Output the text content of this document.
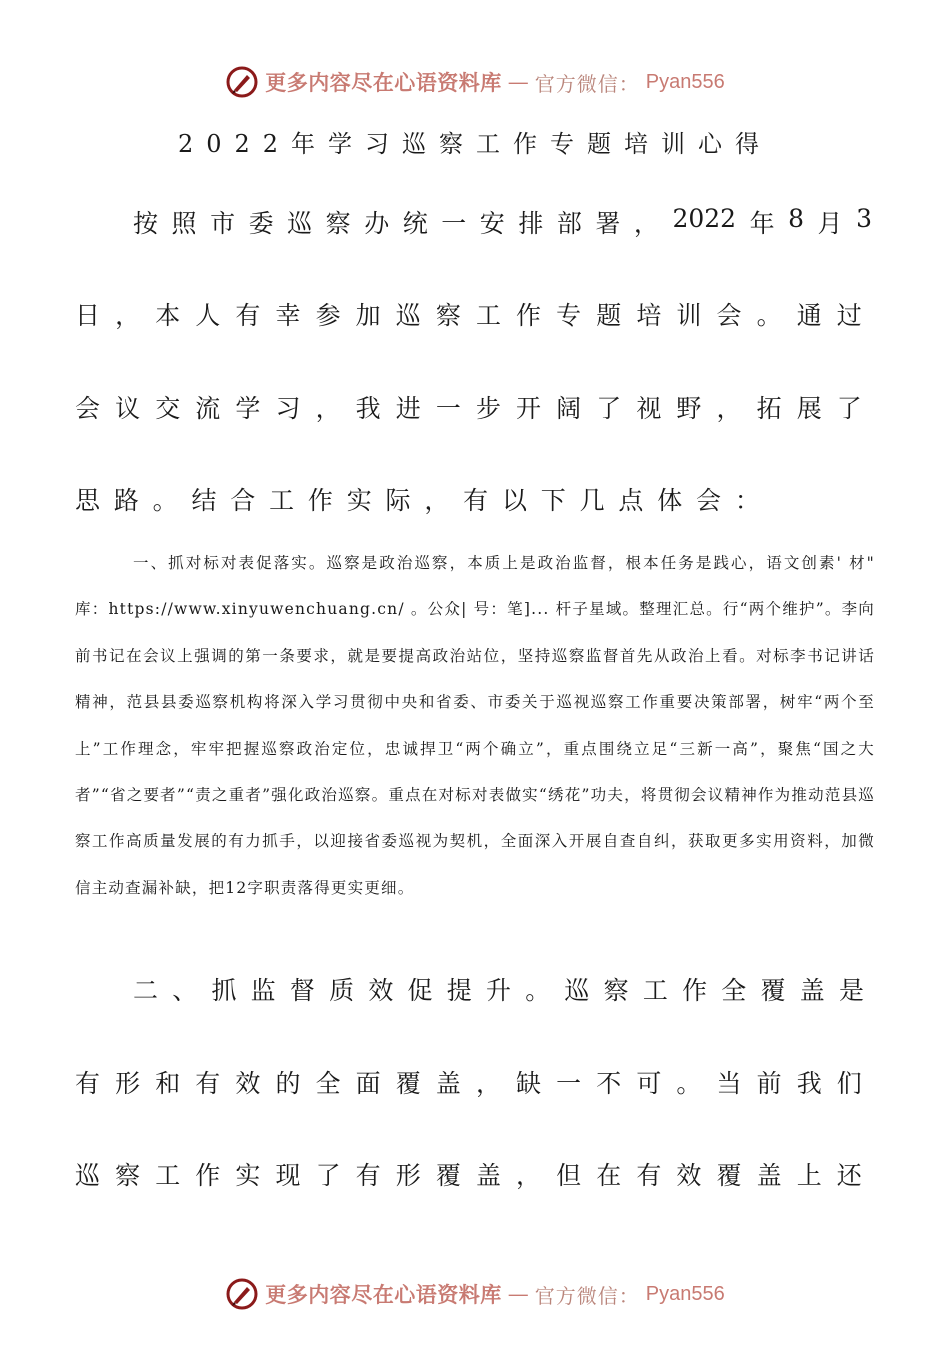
更多内容尽在心语资料库 — 官方微信： Pyan556
2022年学习巡察工作专题培训心得
按 照 市 委 巡 察 办 统 一 安 排 部 署 ， 2022 年 8 月 3
日 ， 本 人 有 幸 参 加 巡 察 工 作 专 题 培 训 会 。 通 过
会 议 交 流 学 习 ， 我 进 一 步 开 阔 了 视 野 ， 拓 展 了
思 路 。 结 合 工 作 实 际 ， 有 以 下 几 点 体 会 ：
一、抓对标对表促落实。巡察是政治巡察，本质上是政治监督，根本任务是践心，语文创素' 材" 库：https://www.xinyuwenchuang.cn/ 。公众| 号：笔]... 杆子星域。整理汇总。行“两个维护”。李向前书记在会议上强调的第一条要求，就是要提高政治站位，坚持巡察监督首先从政治上看。对标李书记讲话精神，范县县委巡察机构将深入学习贯彻中央和省委、市委关于巡视巡察工作重要决策部署，树牢“两个至上”工作理念，牢牢把握巡察政治定位，忠诚捍卫“两个确立”，重点围绕立足“三新一高”，聚焦“国之大者”“省之要者”“责之重者”强化政治巡察。重点在对标对表做实“绣花”功夫，将贯彻会议精神作为推动范县巡察工作高质量发展的有力抓手，以迎接省委巡视为契机，全面深入开展自查自纠，获取更多实用资料，加微信主动查漏补缺，把12字职责落得更实更细。
二 、 抓 监 督 质 效 促 提 升 。 巡 察 工 作 全 覆 盖 是
有 形 和 有 效 的 全 面 覆 盖 ， 缺 一 不 可 。 当 前 我 们
巡 察 工 作 实 现 了 有 形 覆 盖 ， 但 在 有 效 覆 盖 上 还
更多内容尽在心语资料库 — 官方微信： Pyan556
